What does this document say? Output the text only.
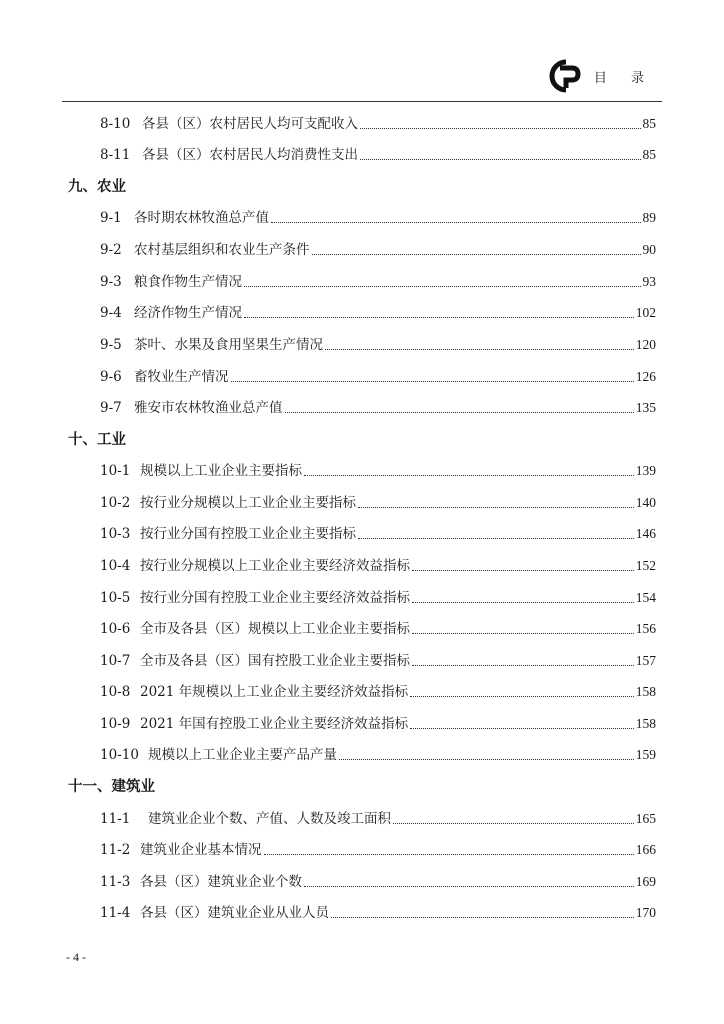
目 录
8-10 各县（区）农村居民人均可支配收入	85
8-11 各县（区）农村居民人均消费性支出	85
九、农业
9-1 各时期农林牧渔总产值	89
9-2 农村基层组织和农业生产条件	90
9-3 粮食作物生产情况	93
9-4 经济作物生产情况	102
9-5 茶叶、水果及食用坚果生产情况	120
9-6 畜牧业生产情况	126
9-7 雅安市农林牧渔业总产值	135
十、工业
10-1 规模以上工业企业主要指标	139
10-2 按行业分规模以上工业企业主要指标	140
10-3 按行业分国有控股工业企业主要指标	146
10-4 按行业分规模以上工业企业主要经济效益指标	152
10-5 按行业分国有控股工业企业主要经济效益指标	154
10-6 全市及各县（区）规模以上工业企业主要指标	156
10-7 全市及各县（区）国有控股工业企业主要指标	157
10-8 2021 年规模以上工业企业主要经济效益指标	158
10-9 2021 年国有控股工业企业主要经济效益指标	158
10-10 规模以上工业企业主要产品产量	159
十一、建筑业
11-1	建筑业企业个数、产值、人数及竣工面积	165
11-2 建筑业企业基本情况	166
11-3 各县（区）建筑业企业个数	169
11-4 各县（区）建筑业企业从业人员	170
- 4 -
